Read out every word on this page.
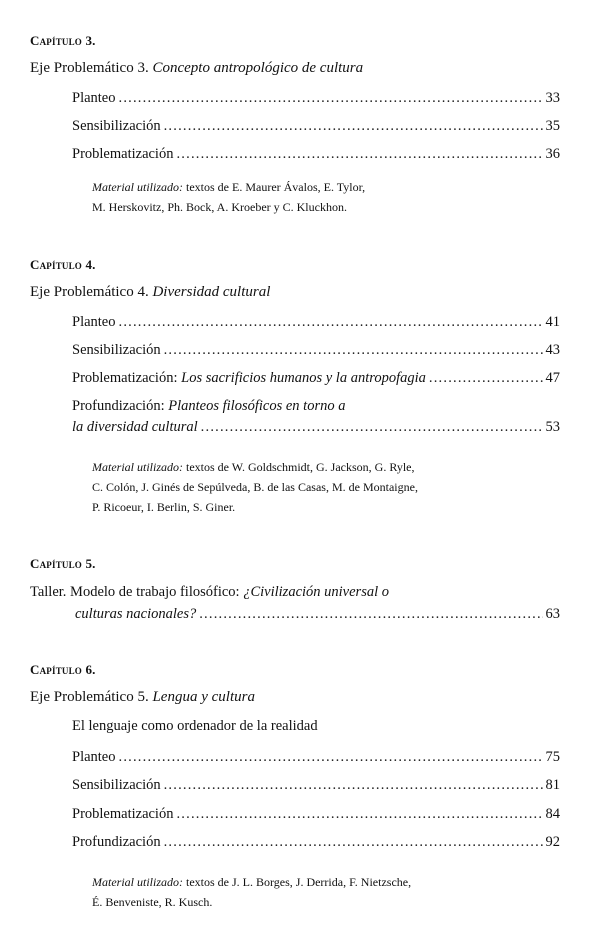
Capítulo 3.
Eje Problemático 3. Concepto antropológico de cultura
Planteo .....	33
Sensibilización .....	35
Problematización .....	36
Material utilizado: textos de E. Maurer Ávalos, E. Tylor,
M. Herskovitz, Ph. Bock, A. Kroeber y C. Kluckhon.
Capítulo 4.
Eje Problemático 4. Diversidad cultural
Planteo .....	41
Sensibilización .....	43
Problematización: Los sacrificios humanos y la antropofagia .....	47
Profundización: Planteos filosóficos en torno a
la diversidad cultural .....	53
Material utilizado: textos de W. Goldschmidt, G. Jackson, G. Ryle,
C. Colón, J. Ginés de Sepúlveda, B. de las Casas, M. de Montaigne,
P. Ricoeur, I. Berlin, S. Giner.
Capítulo 5.
Taller. Modelo de trabajo filosófico: ¿Civilización universal o
culturas nacionales? .....	63
Capítulo 6.
Eje Problemático 5. Lengua y cultura
El lenguaje como ordenador de la realidad
Planteo .....	75
Sensibilización .....	81
Problematización .....	84
Profundización .....	92
Material utilizado: textos de J. L. Borges, J. Derrida, F. Nietzsche,
É. Benveniste, R. Kusch.
